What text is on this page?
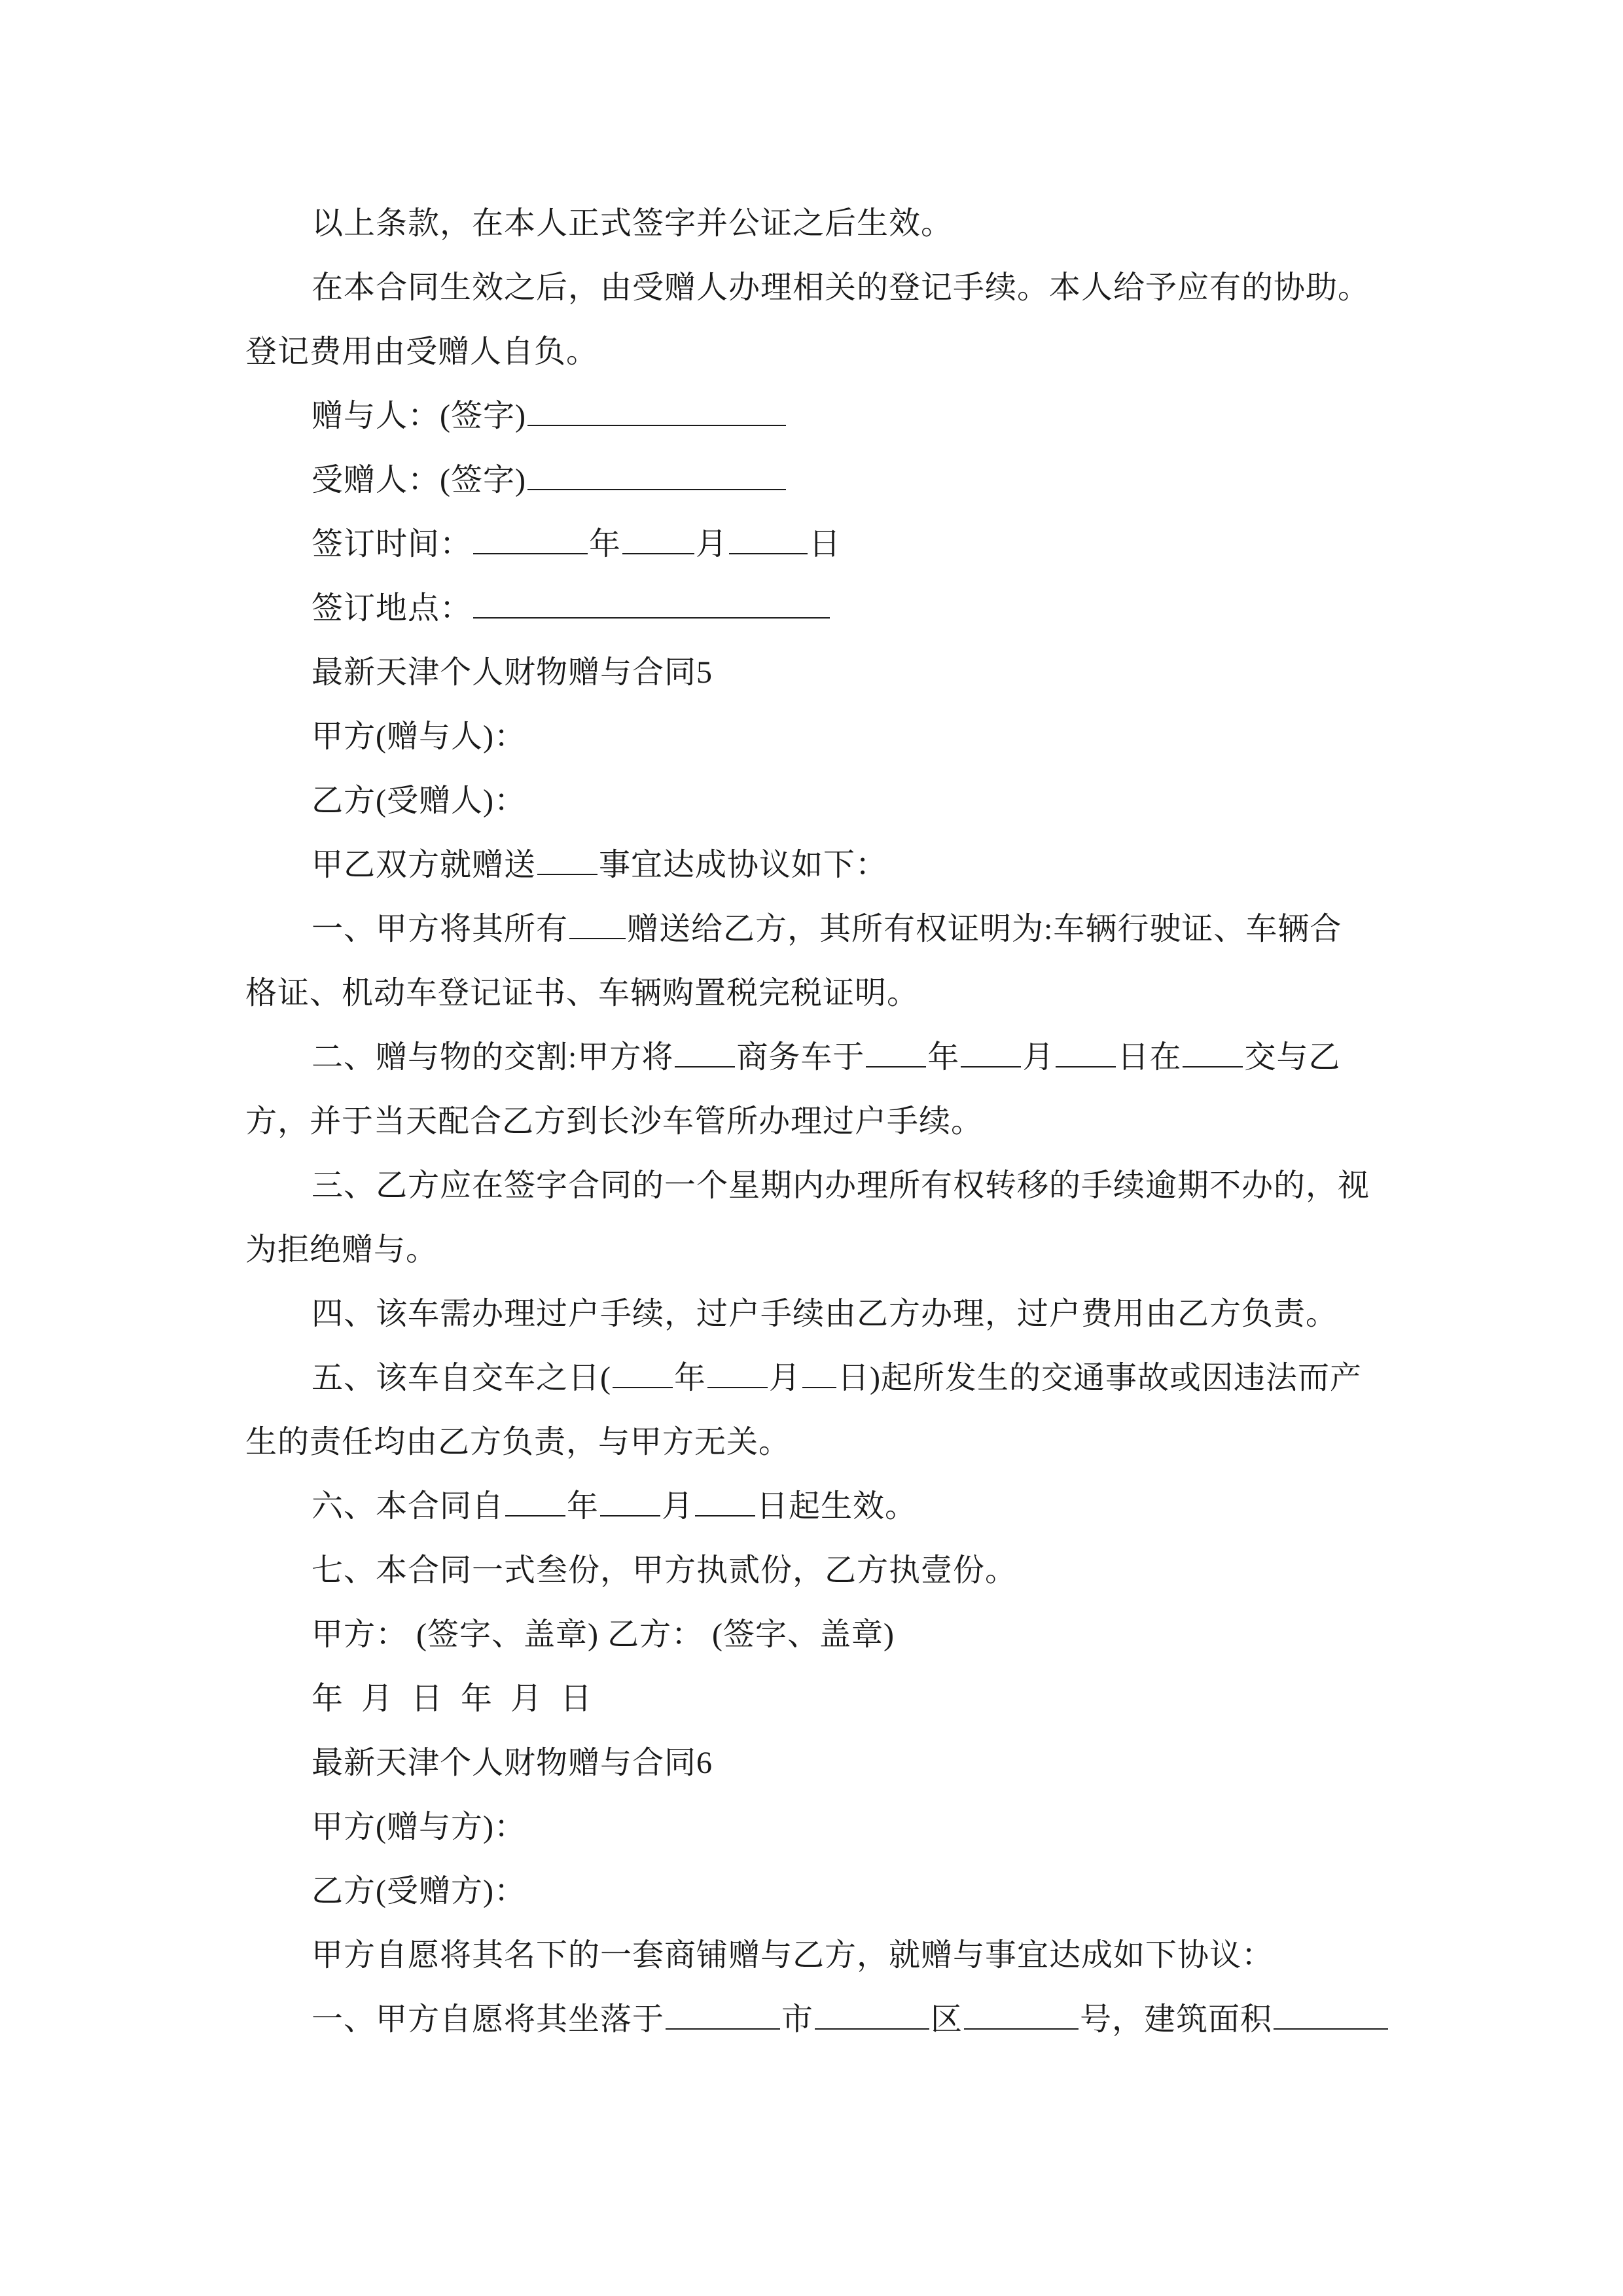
以上条款，在本人正式签字并公证之后生效。
在本合同生效之后，由受赠人办理相关的登记手续。本人给予应有的协助。
登记费用由受赠人自负。
赠与人：(签字)
受赠人：(签字)
签订时间：	年 月	日
签订地点：
最新天津个人财物赠与合同5
甲方(赠与人)：
乙方(受赠人)：
甲乙双方就赠送 事宜达成协议如下：
一、甲方将其所有 赠送给乙方，其所有权证明为:车辆行驶证、车辆合
格证、机动车登记证书、车辆购置税完税证明。
二、赠与物的交割:甲方将 商务车于 年 月 日在 交与乙
方，并于当天配合乙方到长沙车管所办理过户手续。
三、乙方应在签字合同的一个星期内办理所有权转移的手续逾期不办的，视
为拒绝赠与。
四、该车需办理过户手续，过户手续由乙方办理，过户费用由乙方负责。
五、该车自交车之日( 年 月 日)起所发生的交通事故或因违法而产
生的责任均由乙方负责，与甲方无关。
六、本合同自 年 月 日起生效。
七、本合同一式叁份，甲方执贰份，乙方执壹份。
甲方： (签字、盖章) 乙方： (签字、盖章)
年 月 日 年 月 日
最新天津个人财物赠与合同6
甲方(赠与方)：
乙方(受赠方)：
甲方自愿将其名下的一套商铺赠与乙方，就赠与事宜达成如下协议：
一、甲方自愿将其坐落于	市	区	号，建筑面积
